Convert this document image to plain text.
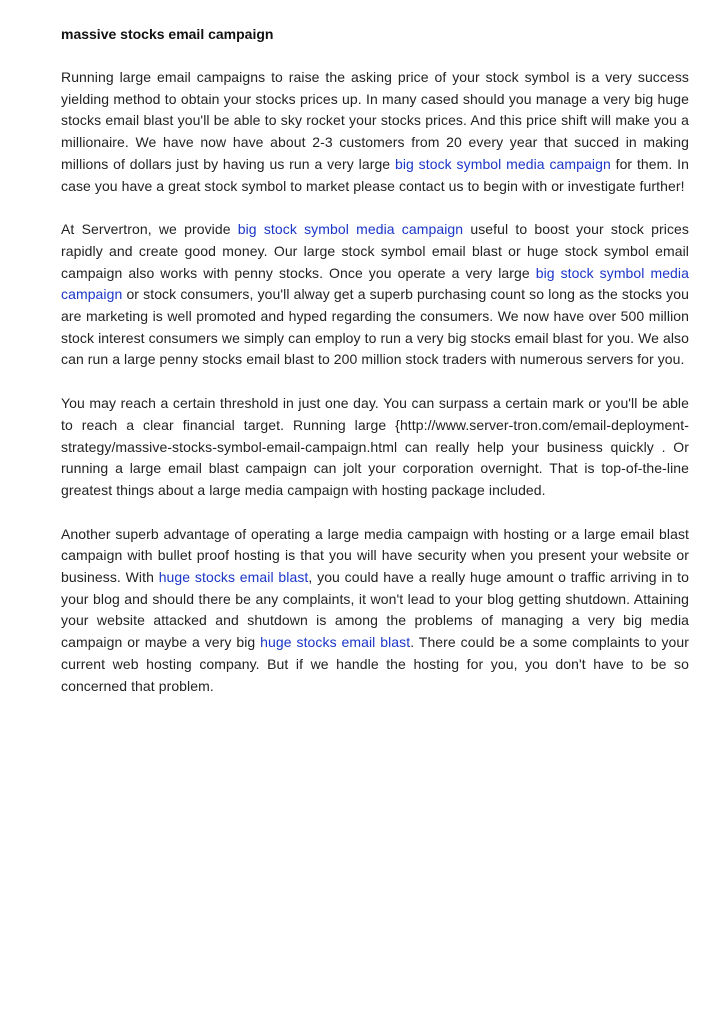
massive stocks email campaign

Running large email campaigns to raise the asking price of your stock symbol is a very success yielding method to obtain your stocks prices up. In many cased should you manage a very big huge stocks email blast you'll be able to sky rocket your stocks prices. And this price shift will make you a millionaire. We have now have about 2-3 customers from 20 every year that succed in making millions of dollars just by having us run a very large big stock symbol media campaign for them. In case you have a great stock symbol to market please contact us to begin with or investigate further!

At Servertron, we provide big stock symbol media campaign useful to boost your stock prices rapidly and create good money. Our large stock symbol email blast or huge stock symbol email campaign also works with penny stocks. Once you operate a very large big stock symbol media campaign or stock consumers, you'll alway get a superb purchasing count so long as the stocks you are marketing is well promoted and hyped regarding the consumers. We now have over 500 million stock interest consumers we simply can employ to run a very big stocks email blast for you. We also can run a large penny stocks email blast to 200 million stock traders with numerous servers for you.

You may reach a certain threshold in just one day. You can surpass a certain mark or you'll be able to reach a clear financial target. Running large {http://www.server-tron.com/email-deployment-strategy/massive-stocks-symbol-email-campaign.html can really help your business quickly . Or running a large email blast campaign can jolt your corporation overnight. That is top-of-the-line greatest things about a large media campaign with hosting package included.

Another superb advantage of operating a large media campaign with hosting or a large email blast campaign with bullet proof hosting is that you will have security when you present your website or business. With huge stocks email blast, you could have a really huge amount o traffic arriving in to your blog and should there be any complaints, it won't lead to your blog getting shutdown. Attaining your website attacked and shutdown is among the problems of managing a very big media campaign or maybe a very big huge stocks email blast. There could be a some complaints to your current web hosting company. But if we handle the hosting for you, you don't have to be so concerned that problem.
